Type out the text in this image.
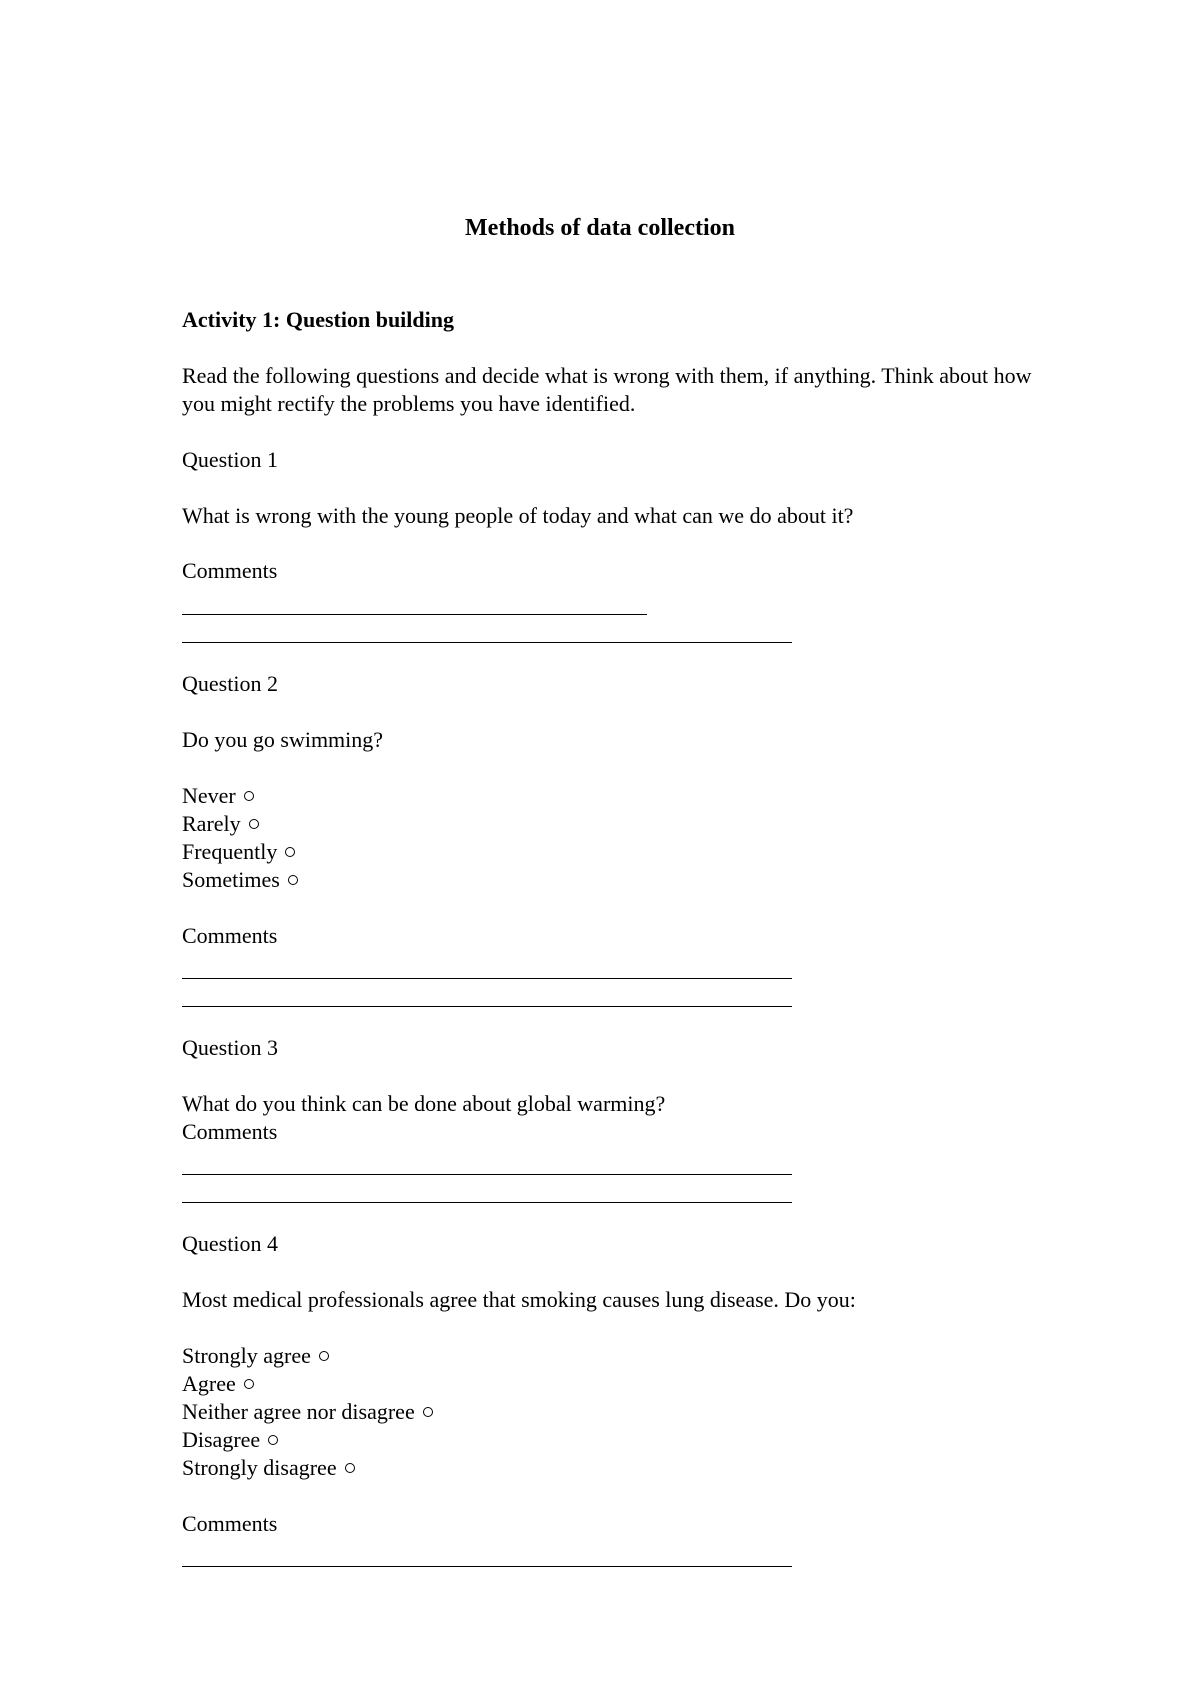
Methods of data collection
Activity 1: Question building

Read the following questions and decide what is wrong with them, if anything. Think about how you might rectify the problems you have identified.

Question 1

What is wrong with the young people of today and what can we do about it?

Comments

Question 2

Do you go swimming?

Never

Rarely

Frequently

Sometimes

Comments

Question 3

What do you think can be done about global warming?

Comments

Question 4

Most medical professionals agree that smoking causes lung disease. Do you:

Strongly agree

Agree

Neither agree nor disagree

Disagree

Strongly disagree

Comments
